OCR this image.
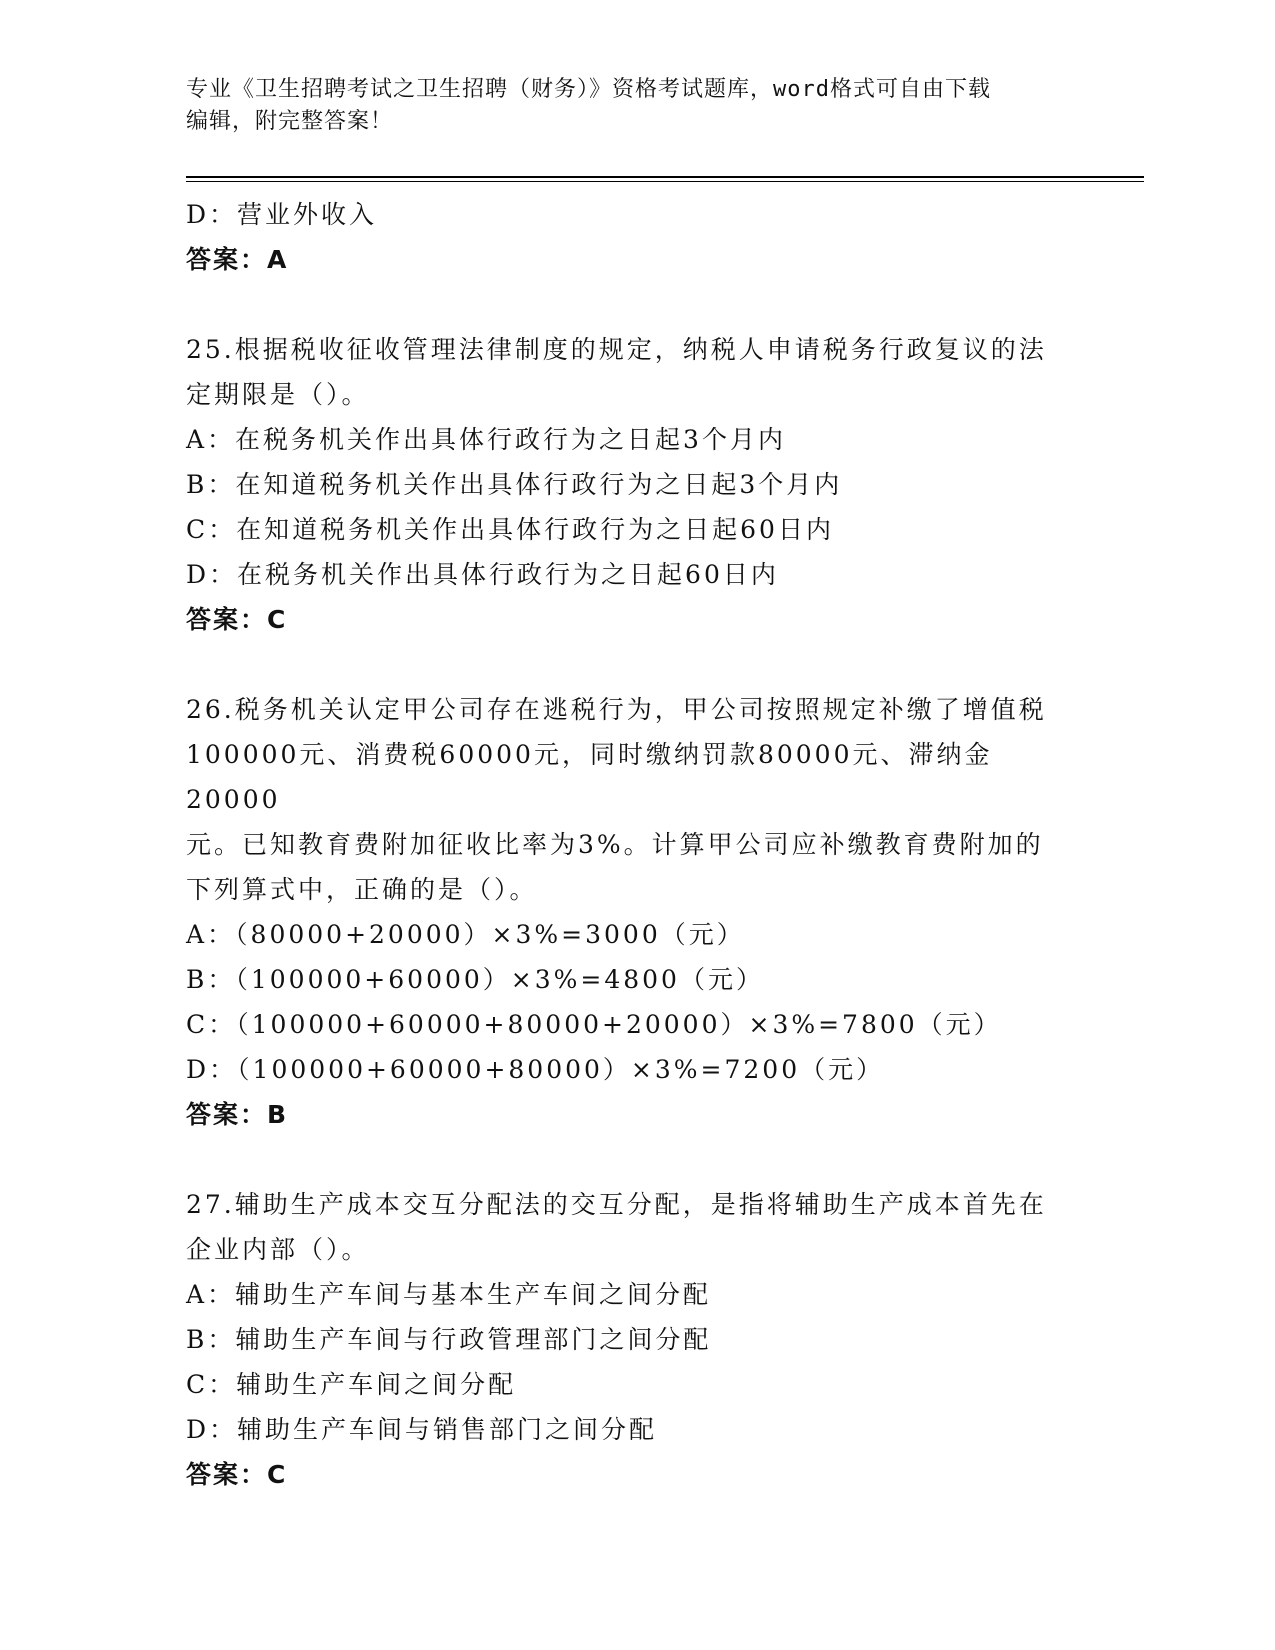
专业《卫生招聘考试之卫生招聘（财务）》资格考试题库，word格式可自由下载
编辑，附完整答案！
D：营业外收入
答案：A
25.根据税收征收管理法律制度的规定，纳税人申请税务行政复议的法
定期限是（）。
A：在税务机关作出具体行政行为之日起3个月内
B：在知道税务机关作出具体行政行为之日起3个月内
C：在知道税务机关作出具体行政行为之日起60日内
D：在税务机关作出具体行政行为之日起60日内
答案：C
26.税务机关认定甲公司存在逃税行为，甲公司按照规定补缴了增值税
100000元、消费税60000元，同时缴纳罚款80000元、滞纳金20000
元。已知教育费附加征收比率为3%。计算甲公司应补缴教育费附加的
下列算式中，正确的是（）。
A：（80000+20000）×3%=3000（元）
B：（100000+60000）×3%=4800（元）
C：（100000+60000+80000+20000）×3%=7800（元）
D：（100000+60000+80000）×3%=7200（元）
答案：B
27.辅助生产成本交互分配法的交互分配，是指将辅助生产成本首先在
企业内部（）。
A：辅助生产车间与基本生产车间之间分配
B：辅助生产车间与行政管理部门之间分配
C：辅助生产车间之间分配
D：辅助生产车间与销售部门之间分配
答案：C
